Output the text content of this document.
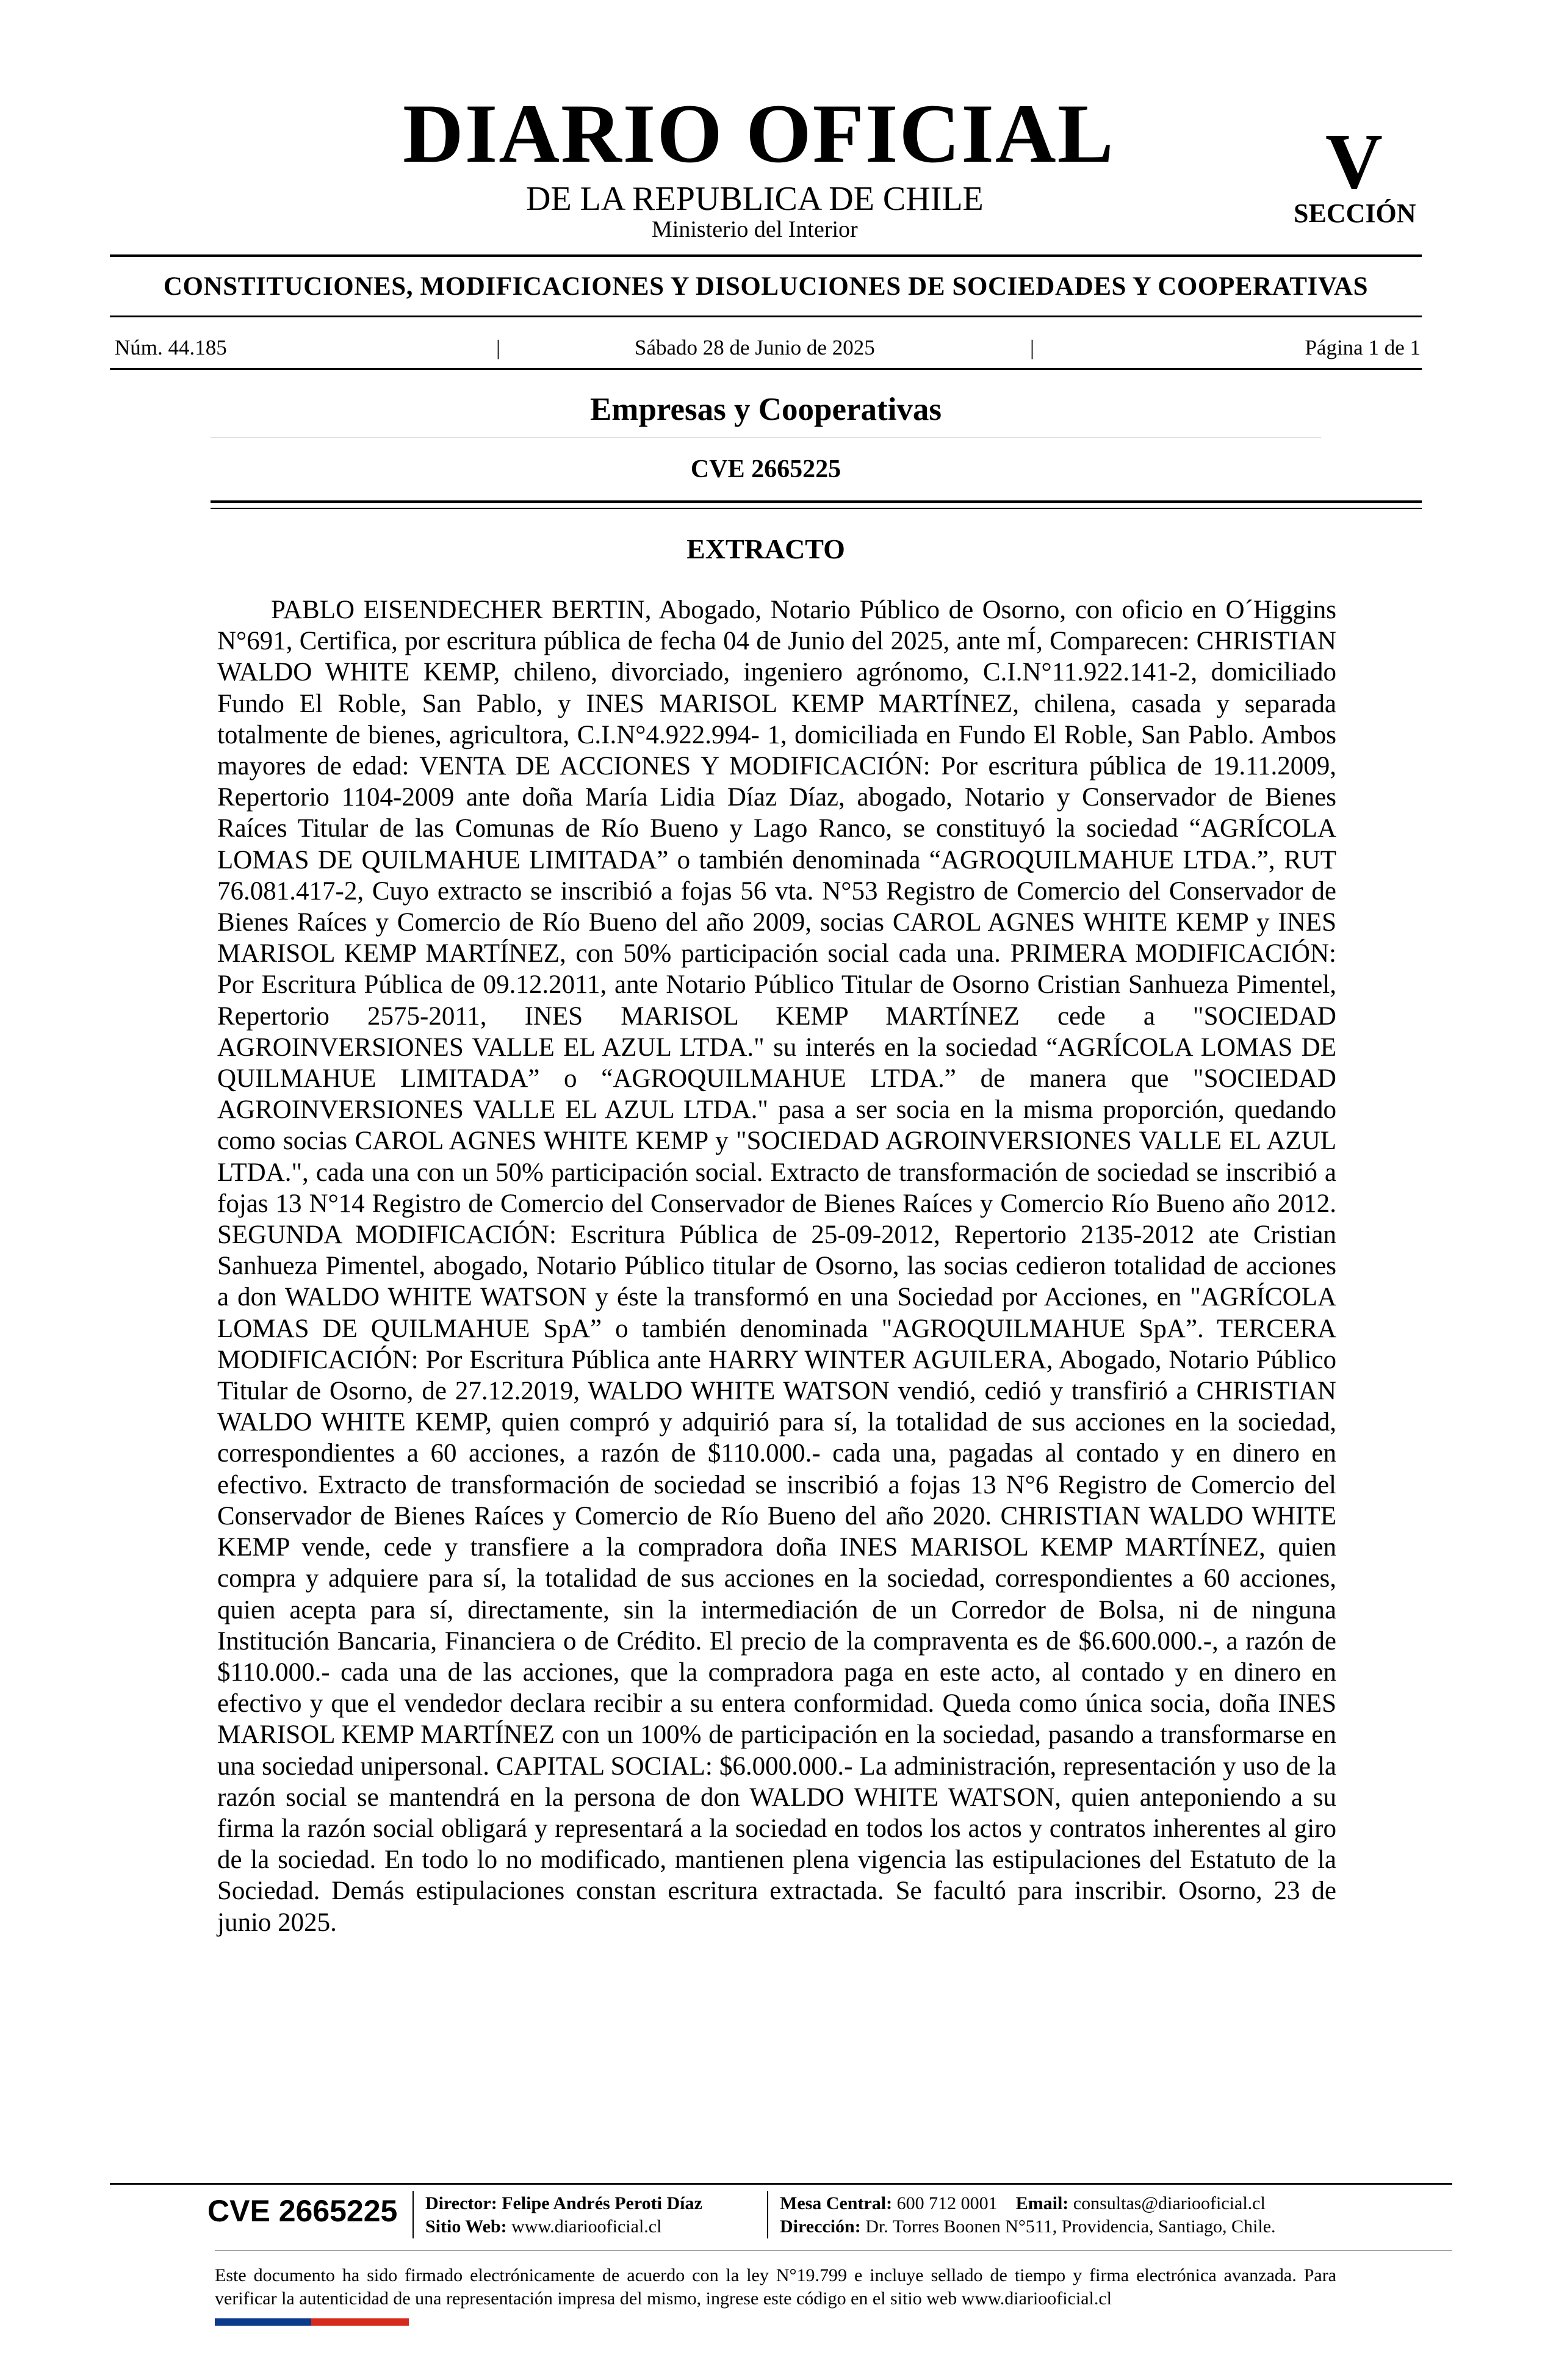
DIARIO OFICIAL
DE LA REPUBLICA DE CHILE
Ministerio del Interior
V
SECCIÓN
CONSTITUCIONES, MODIFICACIONES Y DISOLUCIONES DE SOCIEDADES Y COOPERATIVAS
Núm. 44.185	|	Sábado 28 de Junio de 2025	|	Página 1 de 1
Empresas y Cooperativas
CVE 2665225
EXTRACTO

PABLO EISENDECHER BERTIN, Abogado, Notario Público de Osorno, con oficio en O´Higgins N°691, Certifica, por escritura pública de fecha 04 de Junio del 2025, ante mÍ, Comparecen: CHRISTIAN WALDO WHITE KEMP, chileno, divorciado, ingeniero agrónomo, C.I.N°11.922.141-2, domiciliado Fundo El Roble, San Pablo, y INES MARISOL KEMP MARTÍNEZ, chilena, casada y separada totalmente de bienes, agricultora, C.I.N°4.922.994- 1, domiciliada en Fundo El Roble, San Pablo. Ambos mayores de edad: VENTA DE ACCIONES Y MODIFICACIÓN: Por escritura pública de 19.11.2009, Repertorio 1104-2009 ante doña María Lidia Díaz Díaz, abogado, Notario y Conservador de Bienes Raíces Titular de las Comunas de Río Bueno y Lago Ranco, se constituyó la sociedad “AGRÍCOLA LOMAS DE QUILMAHUE LIMITADA” o también denominada “AGROQUILMAHUE LTDA.”, RUT 76.081.417-2, Cuyo extracto se inscribió a fojas 56 vta. N°53 Registro de Comercio del Conservador de Bienes Raíces y Comercio de Río Bueno del año 2009, socias CAROL AGNES WHITE KEMP y INES MARISOL KEMP MARTÍNEZ, con 50% participación social cada una. PRIMERA MODIFICACIÓN: Por Escritura Pública de 09.12.2011, ante Notario Público Titular de Osorno Cristian Sanhueza Pimentel, Repertorio 2575-2011, INES MARISOL KEMP MARTÍNEZ cede a "SOCIEDAD AGROINVERSIONES VALLE EL AZUL LTDA." su interés en la sociedad “AGRÍCOLA LOMAS DE QUILMAHUE LIMITADA” o “AGROQUILMAHUE LTDA.” de manera que "SOCIEDAD AGROINVERSIONES VALLE EL AZUL LTDA." pasa a ser socia en la misma proporción, quedando como socias CAROL AGNES WHITE KEMP y "SOCIEDAD AGROINVERSIONES VALLE EL AZUL LTDA.", cada una con un 50% participación social. Extracto de transformación de sociedad se inscribió a fojas 13 N°14 Registro de Comercio del Conservador de Bienes Raíces y Comercio Río Bueno año 2012. SEGUNDA MODIFICACIÓN: Escritura Pública de 25-09-2012, Repertorio 2135-2012 ate Cristian Sanhueza Pimentel, abogado, Notario Público titular de Osorno, las socias cedieron totalidad de acciones a don WALDO WHITE WATSON y éste la transformó en una Sociedad por Acciones, en "AGRÍCOLA LOMAS DE QUILMAHUE SpA” o también denominada "AGROQUILMAHUE SpA”. TERCERA MODIFICACIÓN: Por Escritura Pública ante HARRY WINTER AGUILERA, Abogado, Notario Público Titular de Osorno, de 27.12.2019, WALDO WHITE WATSON vendió, cedió y transfirió a CHRISTIAN WALDO WHITE KEMP, quien compró y adquirió para sí, la totalidad de sus acciones en la sociedad, correspondientes a 60 acciones, a razón de $110.000.- cada una, pagadas al contado y en dinero en efectivo. Extracto de transformación de sociedad se inscribió a fojas 13 N°6 Registro de Comercio del Conservador de Bienes Raíces y Comercio de Río Bueno del año 2020. CHRISTIAN WALDO WHITE KEMP vende, cede y transfiere a la compradora doña INES MARISOL KEMP MARTÍNEZ, quien compra y adquiere para sí, la totalidad de sus acciones en la sociedad, correspondientes a 60 acciones, quien acepta para sí, directamente, sin la intermediación de un Corredor de Bolsa, ni de ninguna Institución Bancaria, Financiera o de Crédito. El precio de la compraventa es de $6.600.000.-, a razón de $110.000.- cada una de las acciones, que la compradora paga en este acto, al contado y en dinero en efectivo y que el vendedor declara recibir a su entera conformidad. Queda como única socia, doña INES MARISOL KEMP MARTÍNEZ con un 100% de participación en la sociedad, pasando a transformarse en una sociedad unipersonal. CAPITAL SOCIAL: $6.000.000.- La administración, representación y uso de la razón social se mantendrá en la persona de don WALDO WHITE WATSON, quien anteponiendo a su firma la razón social obligará y representará a la sociedad en todos los actos y contratos inherentes al giro de la sociedad. En todo lo no modificado, mantienen plena vigencia las estipulaciones del Estatuto de la Sociedad. Demás estipulaciones constan escritura extractada. Se facultó para inscribir. Osorno, 23 de junio 2025.

CVE 2665225 Director: Felipe Andrés Peroti Díaz
Sitio Web: www.diariooficial.cl
Mesa Central: 600 712 0001 Email: consultas@diariooficial.cl
Dirección: Dr. Torres Boonen N°511, Providencia, Santiago, Chile.

Este documento ha sido firmado electrónicamente de acuerdo con la ley N°19.799 e incluye sellado de tiempo y firma electrónica avanzada. Para verificar la autenticidad de una representación impresa del mismo, ingrese este código en el sitio web www.diariooficial.cl
